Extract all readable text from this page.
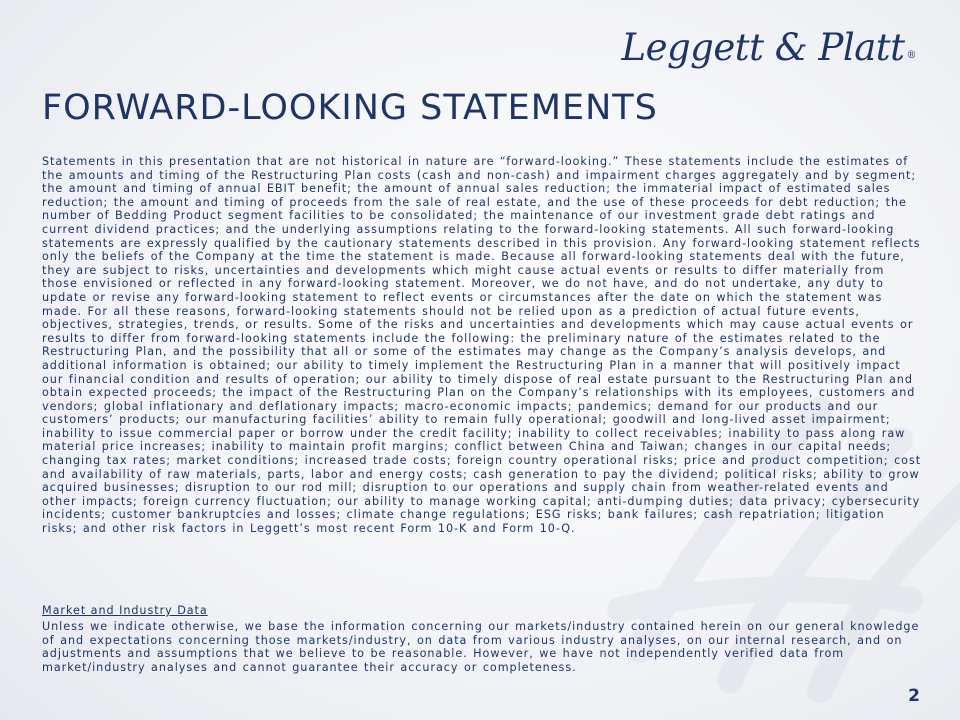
Leggett & Platt ®
FORWARD-LOOKING STATEMENTS

Statements in this presentation that are not historical in nature are “forward-looking.” These statements include the estimates of the amounts and timing of the Restructuring Plan costs (cash and non-cash) and impairment charges aggregately and by segment; the amount and timing of annual EBIT benefit; the amount of annual sales reduction; the immaterial impact of estimated sales reduction; the amount and timing of proceeds from the sale of real estate, and the use of these proceeds for debt reduction; the number of Bedding Product segment facilities to be consolidated; the maintenance of our investment grade debt ratings and current dividend practices; and the underlying assumptions relating to the forward-looking statements. All such forward-looking statements are expressly qualified by the cautionary statements described in this provision. Any forward-looking statement reflects only the beliefs of the Company at the time the statement is made. Because all forward-looking statements deal with the future, they are subject to risks, uncertainties and developments which might cause actual events or results to differ materially from those envisioned or reflected in any forward-looking statement. Moreover, we do not have, and do not undertake, any duty to update or revise any forward-looking statement to reflect events or circumstances after the date on which the statement was made. For all these reasons, forward-looking statements should not be relied upon as a prediction of actual future events, objectives, strategies, trends, or results. Some of the risks and uncertainties and developments which may cause actual events or results to differ from forward-looking statements include the following: the preliminary nature of the estimates related to the Restructuring Plan, and the possibility that all or some of the estimates may change as the Company’s analysis develops, and additional information is obtained; our ability to timely implement the Restructuring Plan in a manner that will positively impact our financial condition and results of operation; our ability to timely dispose of real estate pursuant to the Restructuring Plan and obtain expected proceeds; the impact of the Restructuring Plan on the Company’s relationships with its employees, customers and vendors; global inflationary and deflationary impacts; macro-economic impacts; pandemics; demand for our products and our customers’ products; our manufacturing facilities’ ability to remain fully operational; goodwill and long-lived asset impairment; inability to issue commercial paper or borrow under the credit facility; inability to collect receivables; inability to pass along raw material price increases; inability to maintain profit margins; conflict between China and Taiwan; changes in our capital needs; changing tax rates; market conditions; increased trade costs; foreign country operational risks; price and product competition; cost and availability of raw materials, parts, labor and energy costs; cash generation to pay the dividend; political risks; ability to grow acquired businesses; disruption to our rod mill; disruption to our operations and supply chain from weather-related events and other impacts; foreign currency fluctuation; our ability to manage working capital; anti-dumping duties; data privacy; cybersecurity incidents; customer bankruptcies and losses; climate change regulations; ESG risks; bank failures; cash repatriation; litigation risks; and other risk factors in Leggett’s most recent Form 10-K and Form 10-Q.

Market and Industry Data

Unless we indicate otherwise, we base the information concerning our markets/industry contained herein on our general knowledge of and expectations concerning those markets/industry, on data from various industry analyses, on our internal research, and on adjustments and assumptions that we believe to be reasonable. However, we have not independently verified data from market/industry analyses and cannot guarantee their accuracy or completeness.

2
